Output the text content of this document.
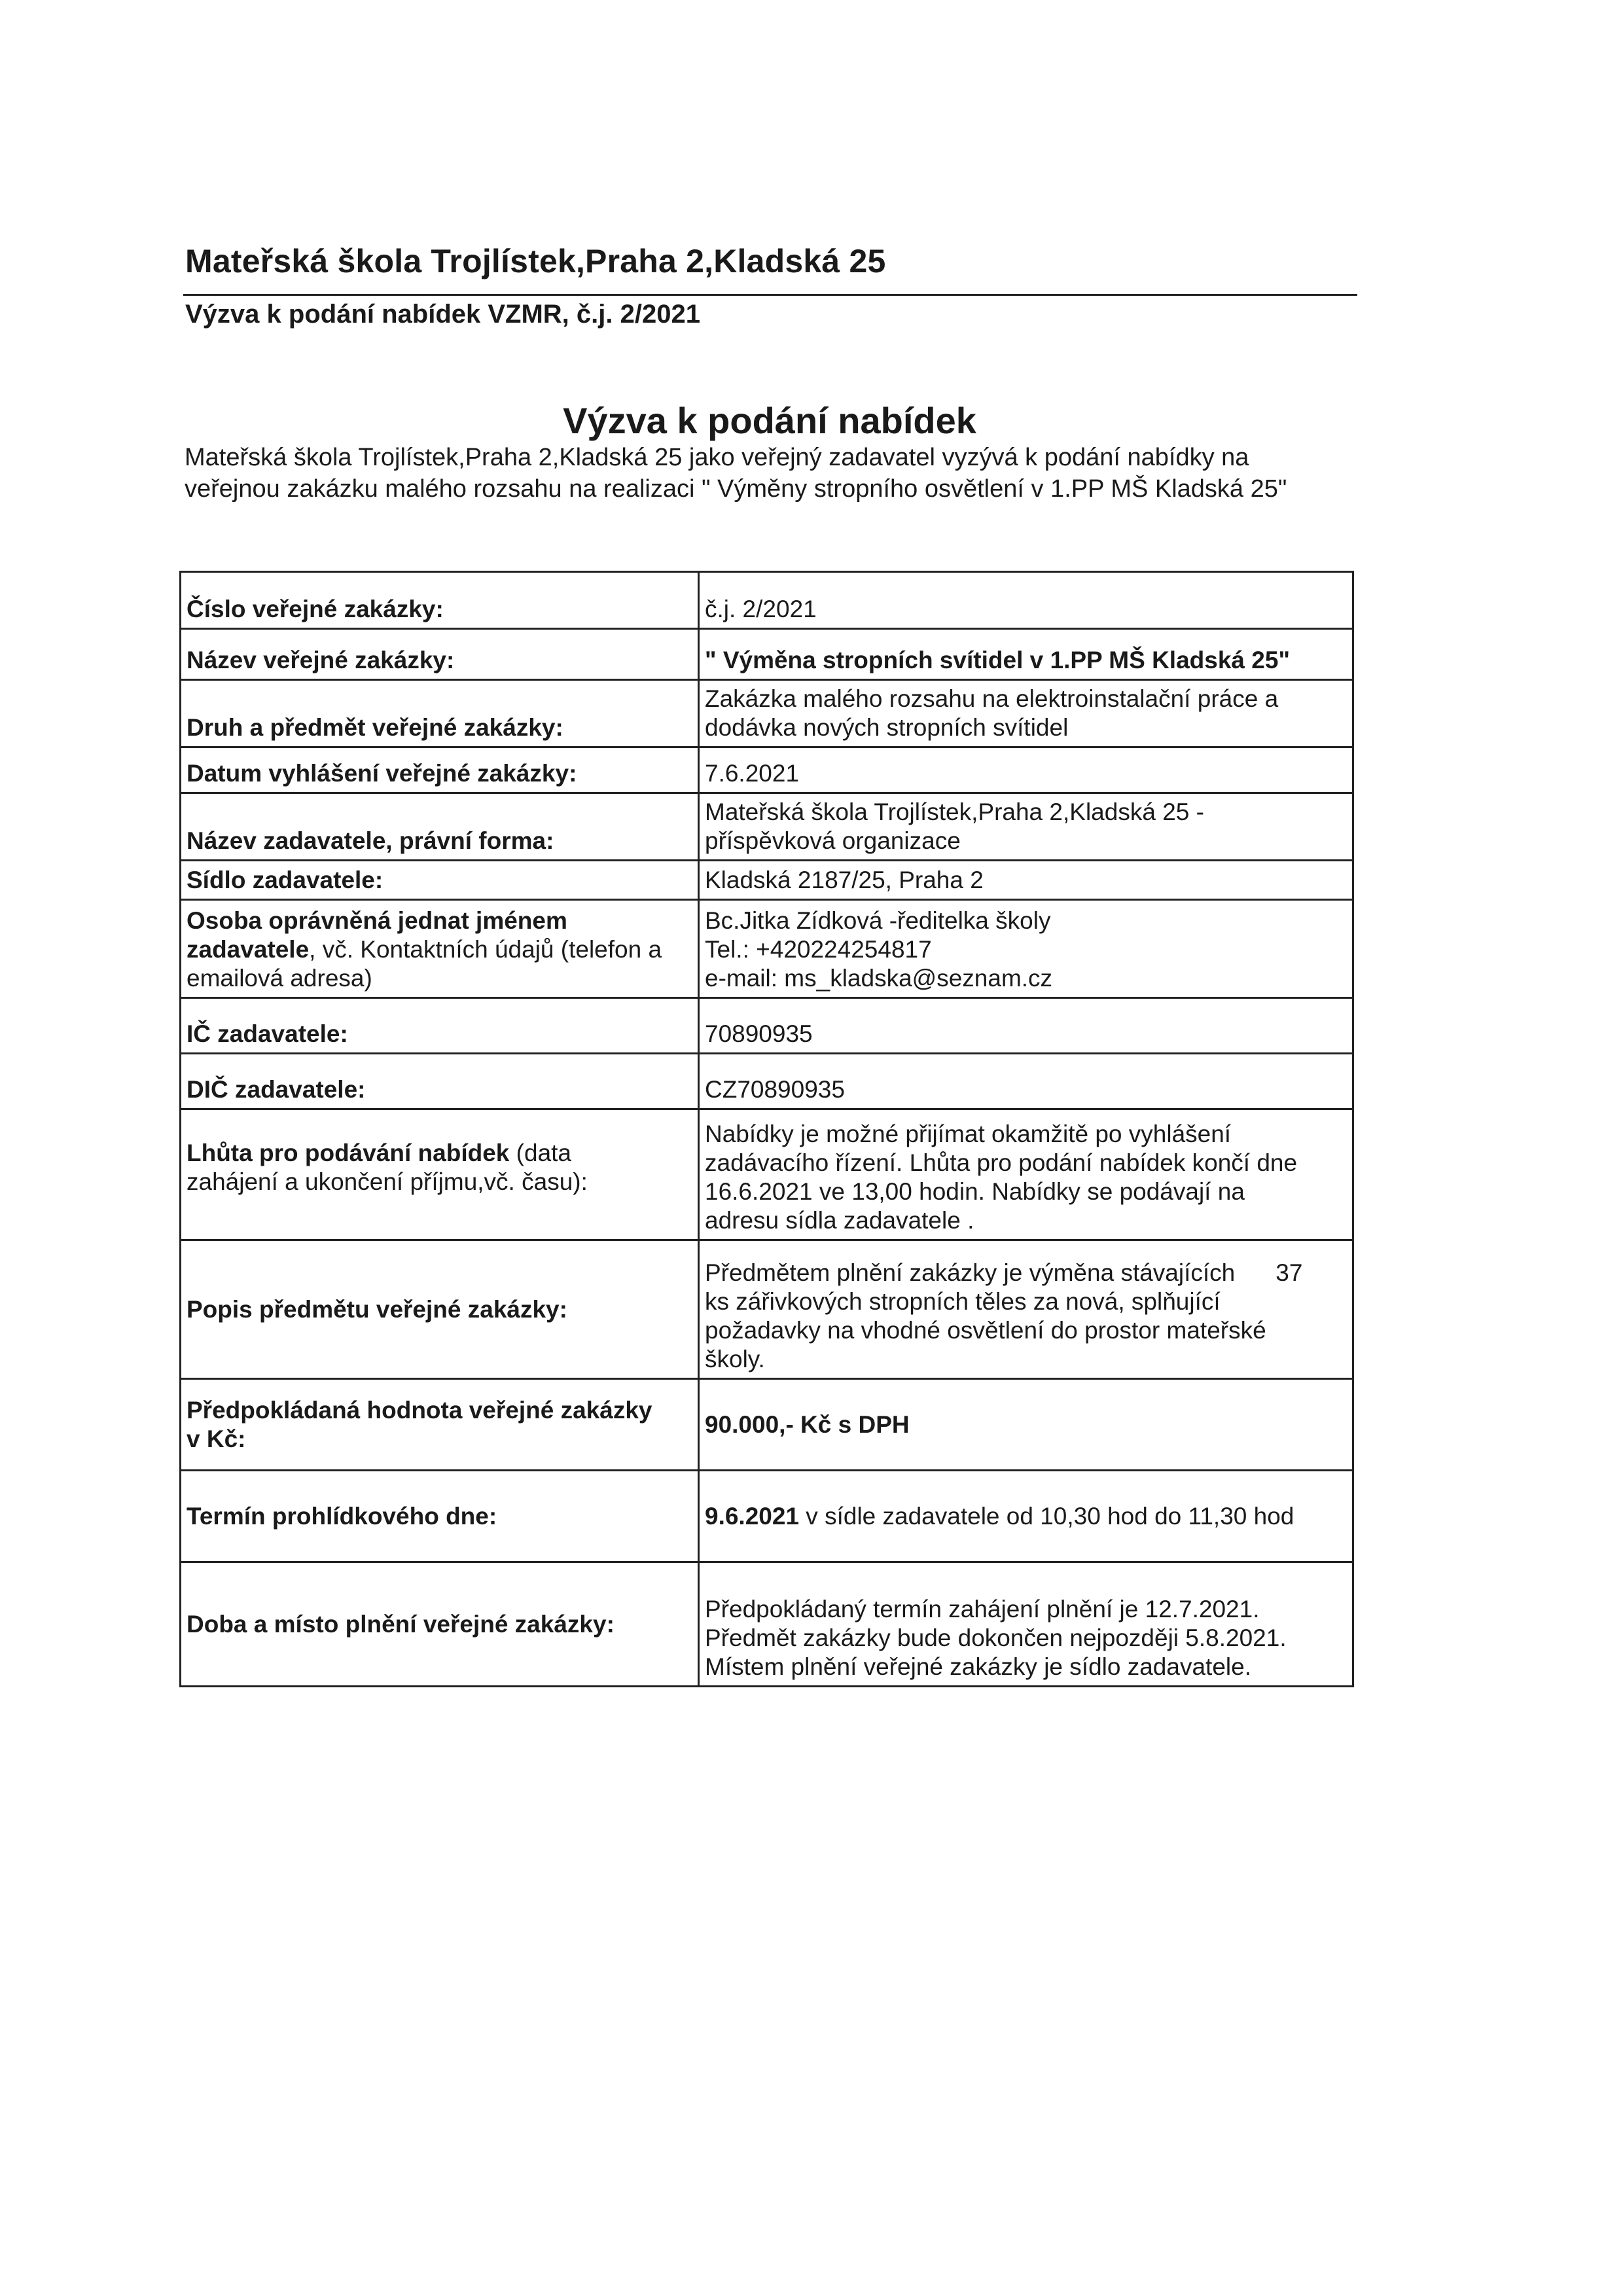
Mateřská škola Trojlístek,Praha 2,Kladská 25
Výzva k podání nabídek VZMR, č.j. 2/2021
Výzva k podání nabídek
Mateřská škola Trojlístek,Praha 2,Kladská 25 jako veřejný zadavatel vyzývá k podání nabídky na
veřejnou zakázku malého rozsahu na realizaci " Výměny stropního osvětlení v 1.PP MŠ Kladská 25"
Číslo veřejné zakázky:	č.j. 2/2021
Název veřejné zakázky:	" Výměna stropních svítidel v 1.PP MŠ Kladská 25"
Druh a předmět veřejné zakázky:	Zakázka malého rozsahu na elektroinstalační práce a
dodávka nových stropních svítidel

Datum vyhlášení veřejné zakázky:	7.6.2021
Název zadavatele, právní forma:	Mateřská škola Trojlístek,Praha 2,Kladská 25 -
příspěvková organizace

Sídlo zadavatele:	Kladská 2187/25, Praha 2

Osoba oprávněná jednat jménem
zadavatele, vč. Kontaktních údajů (telefon a
emailová adresa)	Bc.Jitka Zídková -ředitelka školy
Tel.: +420224254817
e-mail: ms_kladska@seznam.cz

IČ zadavatele:	70890935
DIČ zadavatele:	CZ70890935

Lhůta pro podávání nabídek (data
zahájení a ukončení příjmu,vč. času):	Nabídky je možné přijímat okamžitě po vyhlášení
zadávacího řízení. Lhůta pro podání nabídek končí dne
16.6.2021 ve 13,00 hodin. Nabídky se podávají na
adresu sídla zadavatele .

Popis předmětu veřejné zakázky:	Předmětem plnění zakázky je výměna stávajících 37
ks zářivkových stropních těles za nová, splňující
požadavky na vhodné osvětlení do prostor mateřské
školy.

Předpokládaná hodnota veřejné zakázky
v Kč:	90.000,- Kč s DPH
Termín prohlídkového dne:	9.6.2021 v sídle zadavatele od 10,30 hod do 11,30 hod
Doba a místo plnění veřejné zakázky:	Předpokládaný termín zahájení plnění je 12.7.2021.
Předmět zakázky bude dokončen nejpozději 5.8.2021.
Místem plnění veřejné zakázky je sídlo zadavatele.
